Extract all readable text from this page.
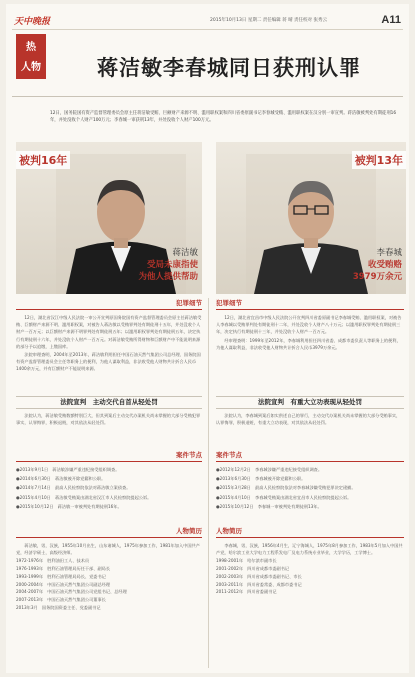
天中晚报	2015年10月13日 星期二 责任编辑 蒋 晴 责任校对 张秀云	A11
热
人物	蒋洁敏李春城同日获刑认罪
12日，国务院国有资产监督管理委员会原主任蒋洁敏受贿、巨额财产来源不明、滥用职权案和四川省委原副书记李春城受贿、滥用职权案在汉分别一审宣判。蒋洁敏被判处有期徒刑16年，并处没收个人财产100万元；李春城一审获刑13年，并处没收个人财产100万元。
被判16年
蒋洁敏
受局未康指使
为他人提供帮助
被判13年
李春城
收受贿赂
3979万余元
犯罪细节

12日，湖北省汉江中级人民法院一审公开宣判原国务院国有资产监督管理委员会原主任蒋洁敏受贿、巨额财产来源不明、滥用职权案，对被告人蒋洁敏以受贿罪判处有期徒刑十五年，并处没收个人财产一百万元；以巨额财产来源不明罪判处有期徒刑五年；以滥用职权罪判处有期徒刑五年，决定执行有期徒刑十六年，并处没收个人财产一百万元。对蒋洁敏受贿所得财物和巨额财产中不能说明来源的部分予以追缴，上缴国库。

法院审理查明，2004年至2013年，蒋洁敏利用担任中国石油天然气集团公司总经理、国务院国有资产监督管理委员会主任等职务上的便利，为他人谋取利益，非法收受他人财物共计折合人民币1400余万元，并有巨额财产不能说明来源。

法院宣判　主动交代自首从轻处罚

法院认为，蒋洁敏受贿数额特别巨大，但其到案后主动交代办案机关尚未掌握的大部分受贿犯罪事实，认罪悔罪，积极退赃，对其依法从轻处罚。

案件节点
●2013年9月1日　蒋洁敏涉嫌严重违纪接受组织调查。
●2014年6月30日　蒋洁敏被开除党籍和公职。
●2014年7月14日　最高人民检察院依法对蒋洁敏立案侦查。
●2015年4月10日　蒋洁敏受贿案由湖北省汉江市人民检察院提起公诉。
●2015年10月12日　蒋洁敏一审被判处有期徒刑16年。
人物简历

蒋洁敏，男，汉族，1955年10月出生，山东诸城人，1975年参加工作，1981年加入中国共产党，经济学硕士，高级经济师。

1972-1976年　胜利油田工人、技术员

1976-1993年　胜利石油管理局历任干部、副局长

1993-1999年　胜利石油管理局局长、党委书记

2000-2004年　中国石油天然气集团公司副总经理

2004-2007年　中国石油天然气集团公司党组书记、总经理

2007-2013年　中国石油天然气集团公司董事长

2013年3月　国务院国资委主任、党委副书记

犯罪细节

12日，湖北省宜昌市中级人民法院公开宣判四川省委原副书记李春城受贿、滥用职权案，对被告人李春城以受贿罪判处有期徒刑十二年，并处没收个人财产八十万元；以滥用职权罪判处有期徒刑三年，决定执行有期徒刑十三年，并处没收个人财产一百万元。

经审理查明：1999年至2012年，李春城利用担任四川省委、成都市委负责人等职务上的便利，为他人谋取利益，非法收受他人财物共计折合人民币3979万余元。

法院宣判　有重大立功表现从轻处罚

法院认为，李春城到案后如实供述自己的罪行，主动交代办案机关尚未掌握的大部分受贿事实，认罪悔罪，积极退赃，有重大立功表现，对其依法从轻处罚。

案件节点
●2012年12月2日　李春城涉嫌严重违纪接受组织调查。
●2013年6月30日　李春城被开除党籍和公职。
●2015年3月28日　最高人民检察院依法对李春城涉嫌受贿犯罪决定逮捕。
●2015年4月10日　李春城受贿案由湖北省宜昌市人民检察院提起公诉。
●2015年10月12日　李春城一审被判处有期徒刑13年。
人物简历

李春城，男，汉族，1956年4月生，辽宁海城人，1975年8月参加工作，1983年5月加入中国共产党，哈尔滨工业大学电力工程系发电厂及电力系统专业毕业，大学学历，工学博士。

1998-2001年　哈尔滨市副市长

2001-2002年　四川省成都市委副书记

2002-2003年　四川省成都市委副书记、市长

2003-2011年　四川省委常委、成都市委书记

2011-2012年　四川省委副书记
